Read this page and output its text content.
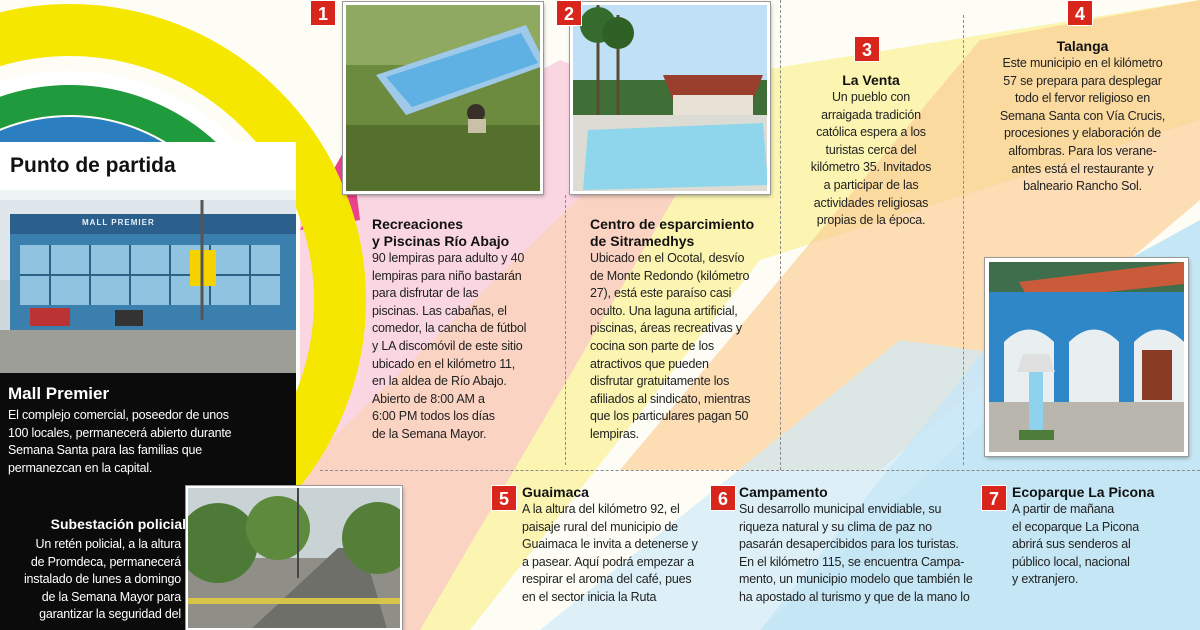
Punto de partida
MALL PREMIER
Mall Premier
El complejo comercial, poseedor de unos
100 locales, permanecerá abierto durante
Semana Santa para las familias que
permanezcan en la capital.
Subestación policial
Un retén policial, a la altura
de Promdeca, permanecerá
instalado de lunes a domingo
de la Semana Mayor para
garantizar la seguridad del
1	2
3
4
5	6	7
Recreaciones
y Piscinas Río Abajo
90 lempiras para adulto y 40
lempiras para niño bastarán
para disfrutar de las
piscinas. Las cabañas, el
comedor, la cancha de fútbol
y LA discomóvil de este sitio
ubicado en el kilómetro 11,
en la aldea de Río Abajo.
Abierto de 8:00 AM a
6:00 PM todos los días
de la Semana Mayor.
Centro de esparcimiento
de Sitramedhys
Ubicado en el Ocotal, desvío
de Monte Redondo (kilómetro
27), está este paraíso casi
oculto. Una laguna artificial,
piscinas, áreas recreativas y
cocina son parte de los
atractivos que pueden
disfrutar gratuitamente los
afiliados al sindicato, mientras
que los particulares pagan 50
lempiras.
La Venta
Un pueblo con
arraigada tradición
católica espera a los
turistas cerca del
kilómetro 35. Invitados
a participar de las
actividades religiosas
propias de la época.
Talanga
Este municipio en el kilómetro
57 se prepara para desplegar
todo el fervor religioso en
Semana Santa con Vía Crucis,
procesiones y elaboración de
alfombras. Para los verane-
antes está el restaurante y
balneario Rancho Sol.
Guaimaca
A la altura del kilómetro 92, el
paisaje rural del municipio de
Guaimaca le invita a detenerse y
a pasear. Aquí podrá empezar a
respirar el aroma del café, pues
en el sector inicia la Ruta
Campamento
Su desarrollo municipal envidiable, su
riqueza natural y su clima de paz no
pasarán desapercibidos para los turistas.
En el kilómetro 115, se encuentra Campa-
mento, un municipio modelo que también le
ha apostado al turismo y que de la mano lo
Ecoparque La Picona
A partir de mañana
el ecoparque La Picona
abrirá sus senderos al
público local, nacional
y extranjero.
